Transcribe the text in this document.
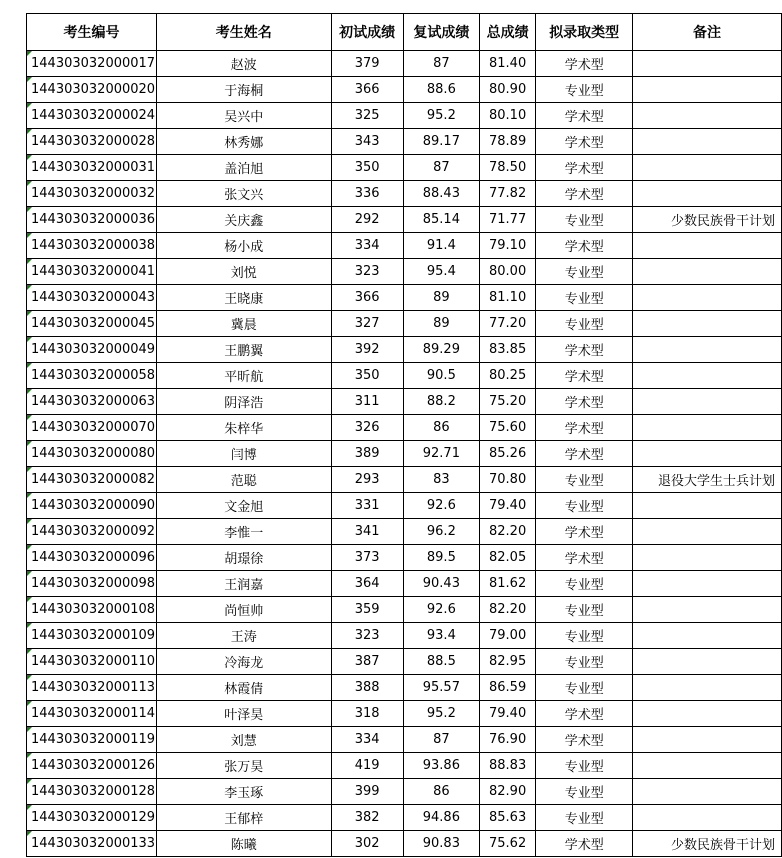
考生编号	考生姓名	初试成绩	复试成绩	总成绩	拟录取类型	备注
144303032000017	赵波	379	87	81.40	学术型	
144303032000020	于海桐	366	88.6	80.90	专业型	
144303032000024	吴兴中	325	95.2	80.10	学术型	
144303032000028	林秀娜	343	89.17	78.89	学术型	
144303032000031	盖泊旭	350	87	78.50	学术型	
144303032000032	张文兴	336	88.43	77.82	学术型	
144303032000036	关庆鑫	292	85.14	71.77	专业型	少数民族骨干计划
144303032000038	杨小成	334	91.4	79.10	学术型	
144303032000041	刘悦	323	95.4	80.00	专业型	
144303032000043	王晓康	366	89	81.10	专业型	
144303032000045	冀晨	327	89	77.20	专业型	
144303032000049	王鹏翼	392	89.29	83.85	学术型	
144303032000058	平昕航	350	90.5	80.25	学术型	
144303032000063	阴泽浩	311	88.2	75.20	学术型	
144303032000070	朱梓华	326	86	75.60	学术型	
144303032000080	闫博	389	92.71	85.26	学术型	
144303032000082	范聪	293	83	70.80	专业型	退役大学生士兵计划
144303032000090	文金旭	331	92.6	79.40	专业型	
144303032000092	李惟一	341	96.2	82.20	学术型	
144303032000096	胡璟徐	373	89.5	82.05	学术型	
144303032000098	王润嘉	364	90.43	81.62	专业型	
144303032000108	尚恒帅	359	92.6	82.20	专业型	
144303032000109	王涛	323	93.4	79.00	专业型	
144303032000110	冷海龙	387	88.5	82.95	专业型	
144303032000113	林霞倩	388	95.57	86.59	专业型	
144303032000114	叶泽昊	318	95.2	79.40	学术型	
144303032000119	刘慧	334	87	76.90	学术型	
144303032000126	张万昊	419	93.86	88.83	专业型	
144303032000128	李玉琢	399	86	82.90	专业型	
144303032000129	王郁梓	382	94.86	85.63	专业型	
144303032000133	陈曦	302	90.83	75.62	学术型	少数民族骨干计划
